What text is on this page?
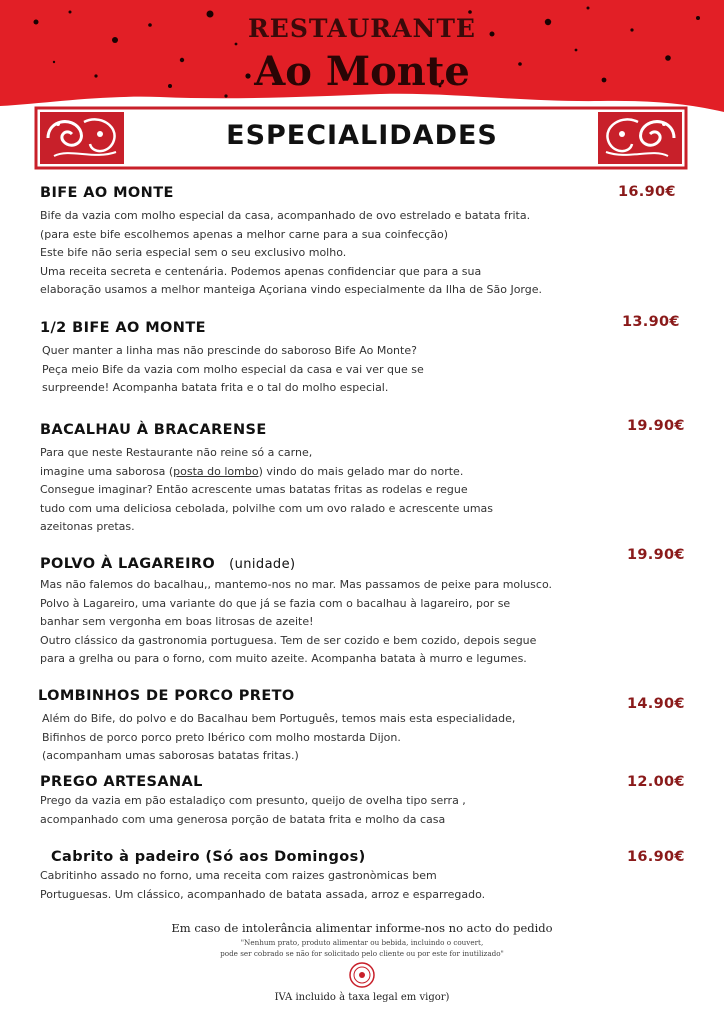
RESTAURANTE
Ao Monte
ESPECIALIDADES
BIFE AO MONTE
Bife da vazia com molho especial da casa, acompanhado de ovo estrelado e batata frita.
(para este bife escolhemos apenas a melhor carne para a sua coinfecção)
Este bife não seria especial sem o seu exclusivo molho.
Uma receita secreta e centenária. Podemos apenas confidenciar que para a sua
elaboração usamos a melhor manteiga Açoriana vindo especialmente da Ilha de São Jorge.
16.90€
1/2 BIFE AO MONTE
Quer manter a linha mas não prescinde do saboroso Bife Ao Monte?
Peça meio Bife da vazia com molho especial da casa e vai ver que se
surpreende! Acompanha batata frita e o tal do molho especial.
13.90€
BACALHAU À BRACARENSE
Para que neste Restaurante não reine só a carne,
imagine uma saborosa (posta do lombo) vindo do mais gelado mar do norte.
Consegue imaginar? Então acrescente umas batatas fritas as rodelas e regue
tudo com uma deliciosa cebolada, polvilhe com um ovo ralado e acrescente umas
azeitonas pretas.
19.90€
POLVO À LAGAREIRO (unidade)
Mas não falemos do bacalhau,, mantemo-nos no mar. Mas passamos de peixe para molusco.
Polvo à Lagareiro, uma variante do que já se fazia com o bacalhau à lagareiro, por se
banhar sem vergonha em boas litrosas de azeite!
Outro clássico da gastronomia portuguesa. Tem de ser cozido e bem cozido, depois segue
para a grelha ou para o forno, com muito azeite. Acompanha batata à murro e legumes.
19.90€
LOMBINHOS DE PORCO PRETO
Além do Bife, do polvo e do Bacalhau bem Português, temos mais esta especialidade,
Bifinhos de porco porco preto Ibérico com molho mostarda Dijon.
(acompanham umas saborosas batatas fritas.)
14.90€
PREGO ARTESANAL
Prego da vazia em pão estaladiço com presunto, queijo de ovelha tipo serra ,
acompanhado com uma generosa porção de batata frita e molho da casa
12.00€
Cabrito à padeiro (Só aos Domingos)
Cabritinho assado no forno, uma receita com raizes gastronòmicas bem
Portuguesas. Um clássico, acompanhado de batata assada, arroz e esparregado.
16.90€
Em caso de intolerância alimentar informe-nos no acto do pedido
"Nenhum prato, produto alimentar ou bebida, incluindo o couvert,
pode ser cobrado se não for solicitado pelo cliente ou por este for inutilizado"
IVA incluido à taxa legal em vigor)
